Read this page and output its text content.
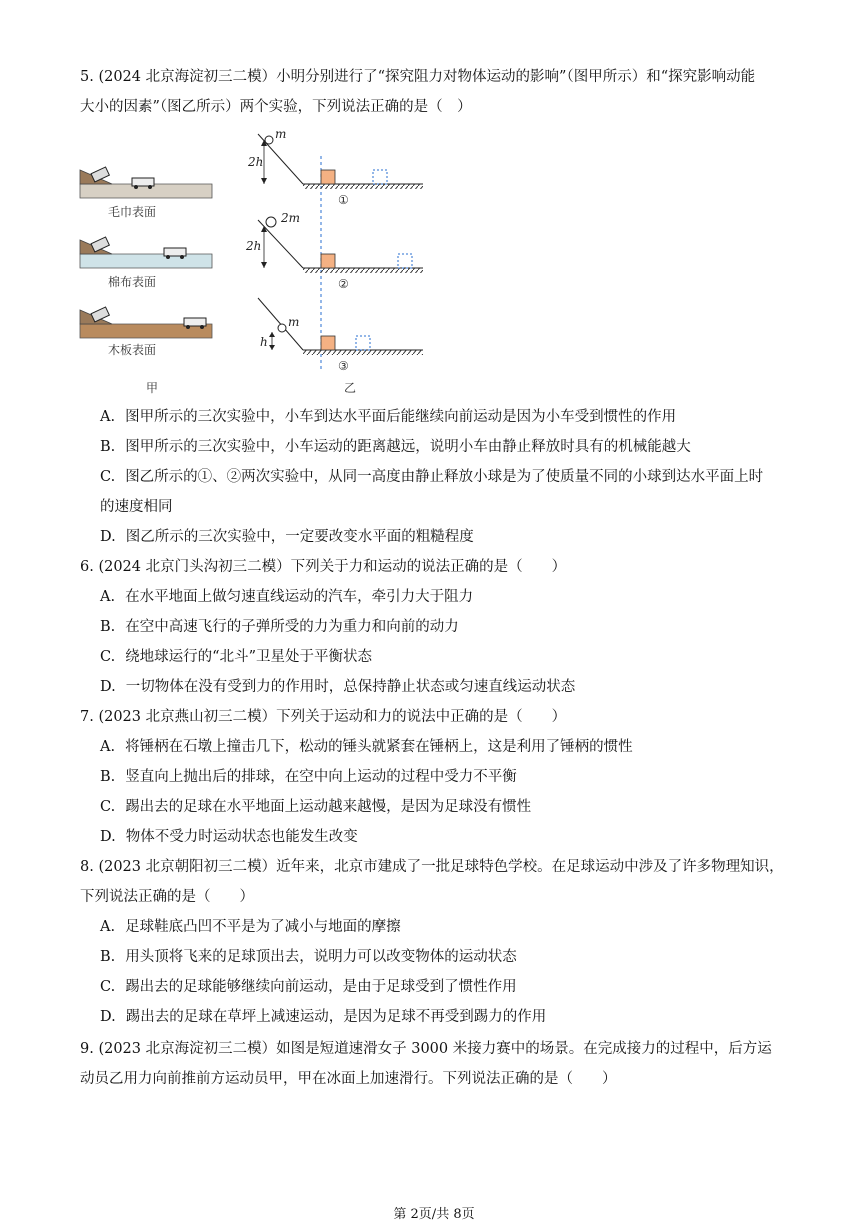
5. (2024 北京海淀初三二模）小明分别进行了“探究阻力对物体运动的影响”（图甲所示）和“探究影响动能
大小的因素”（图乙所示）两个实验，下列说法正确的是（　）
毛巾表面
棉布表面
木板表面
甲
m
2h
①
2m
2h
②
m
h
③
乙
A. 图甲所示的三次实验中，小车到达水平面后能继续向前运动是因为小车受到惯性的作用
B. 图甲所示的三次实验中，小车运动的距离越远，说明小车由静止释放时具有的机械能越大
C. 图乙所示的①、②两次实验中，从同一高度由静止释放小球是为了使质量不同的小球到达水平面上时
的速度相同
D. 图乙所示的三次实验中，一定要改变水平面的粗糙程度
6. (2024 北京门头沟初三二模）下列关于力和运动的说法正确的是（　　）
A. 在水平地面上做匀速直线运动的汽车，牵引力大于阻力
B. 在空中高速飞行的子弹所受的力为重力和向前的动力
C. 绕地球运行的“北斗”卫星处于平衡状态
D. 一切物体在没有受到力的作用时，总保持静止状态或匀速直线运动状态
7. (2023 北京燕山初三二模）下列关于运动和力的说法中正确的是（　　）
A. 将锤柄在石墩上撞击几下，松动的锤头就紧套在锤柄上，这是利用了锤柄的惯性
B. 竖直向上抛出后的排球，在空中向上运动的过程中受力不平衡
C. 踢出去的足球在水平地面上运动越来越慢，是因为足球没有惯性
D. 物体不受力时运动状态也能发生改变
8. (2023 北京朝阳初三二模）近年来，北京市建成了一批足球特色学校。在足球运动中涉及了许多物理知识，
下列说法正确的是（　　）
A. 足球鞋底凸凹不平是为了减小与地面的摩擦
B. 用头顶将飞来的足球顶出去，说明力可以改变物体的运动状态
C. 踢出去的足球能够继续向前运动，是由于足球受到了惯性作用
D. 踢出去的足球在草坪上减速运动，是因为足球不再受到踢力的作用
9. (2023 北京海淀初三二模）如图是短道速滑女子 3000 米接力赛中的场景。在完成接力的过程中，后方运
动员乙用力向前推前方运动员甲，甲在冰面上加速滑行。下列说法正确的是（　　）
第 2页/共 8页
